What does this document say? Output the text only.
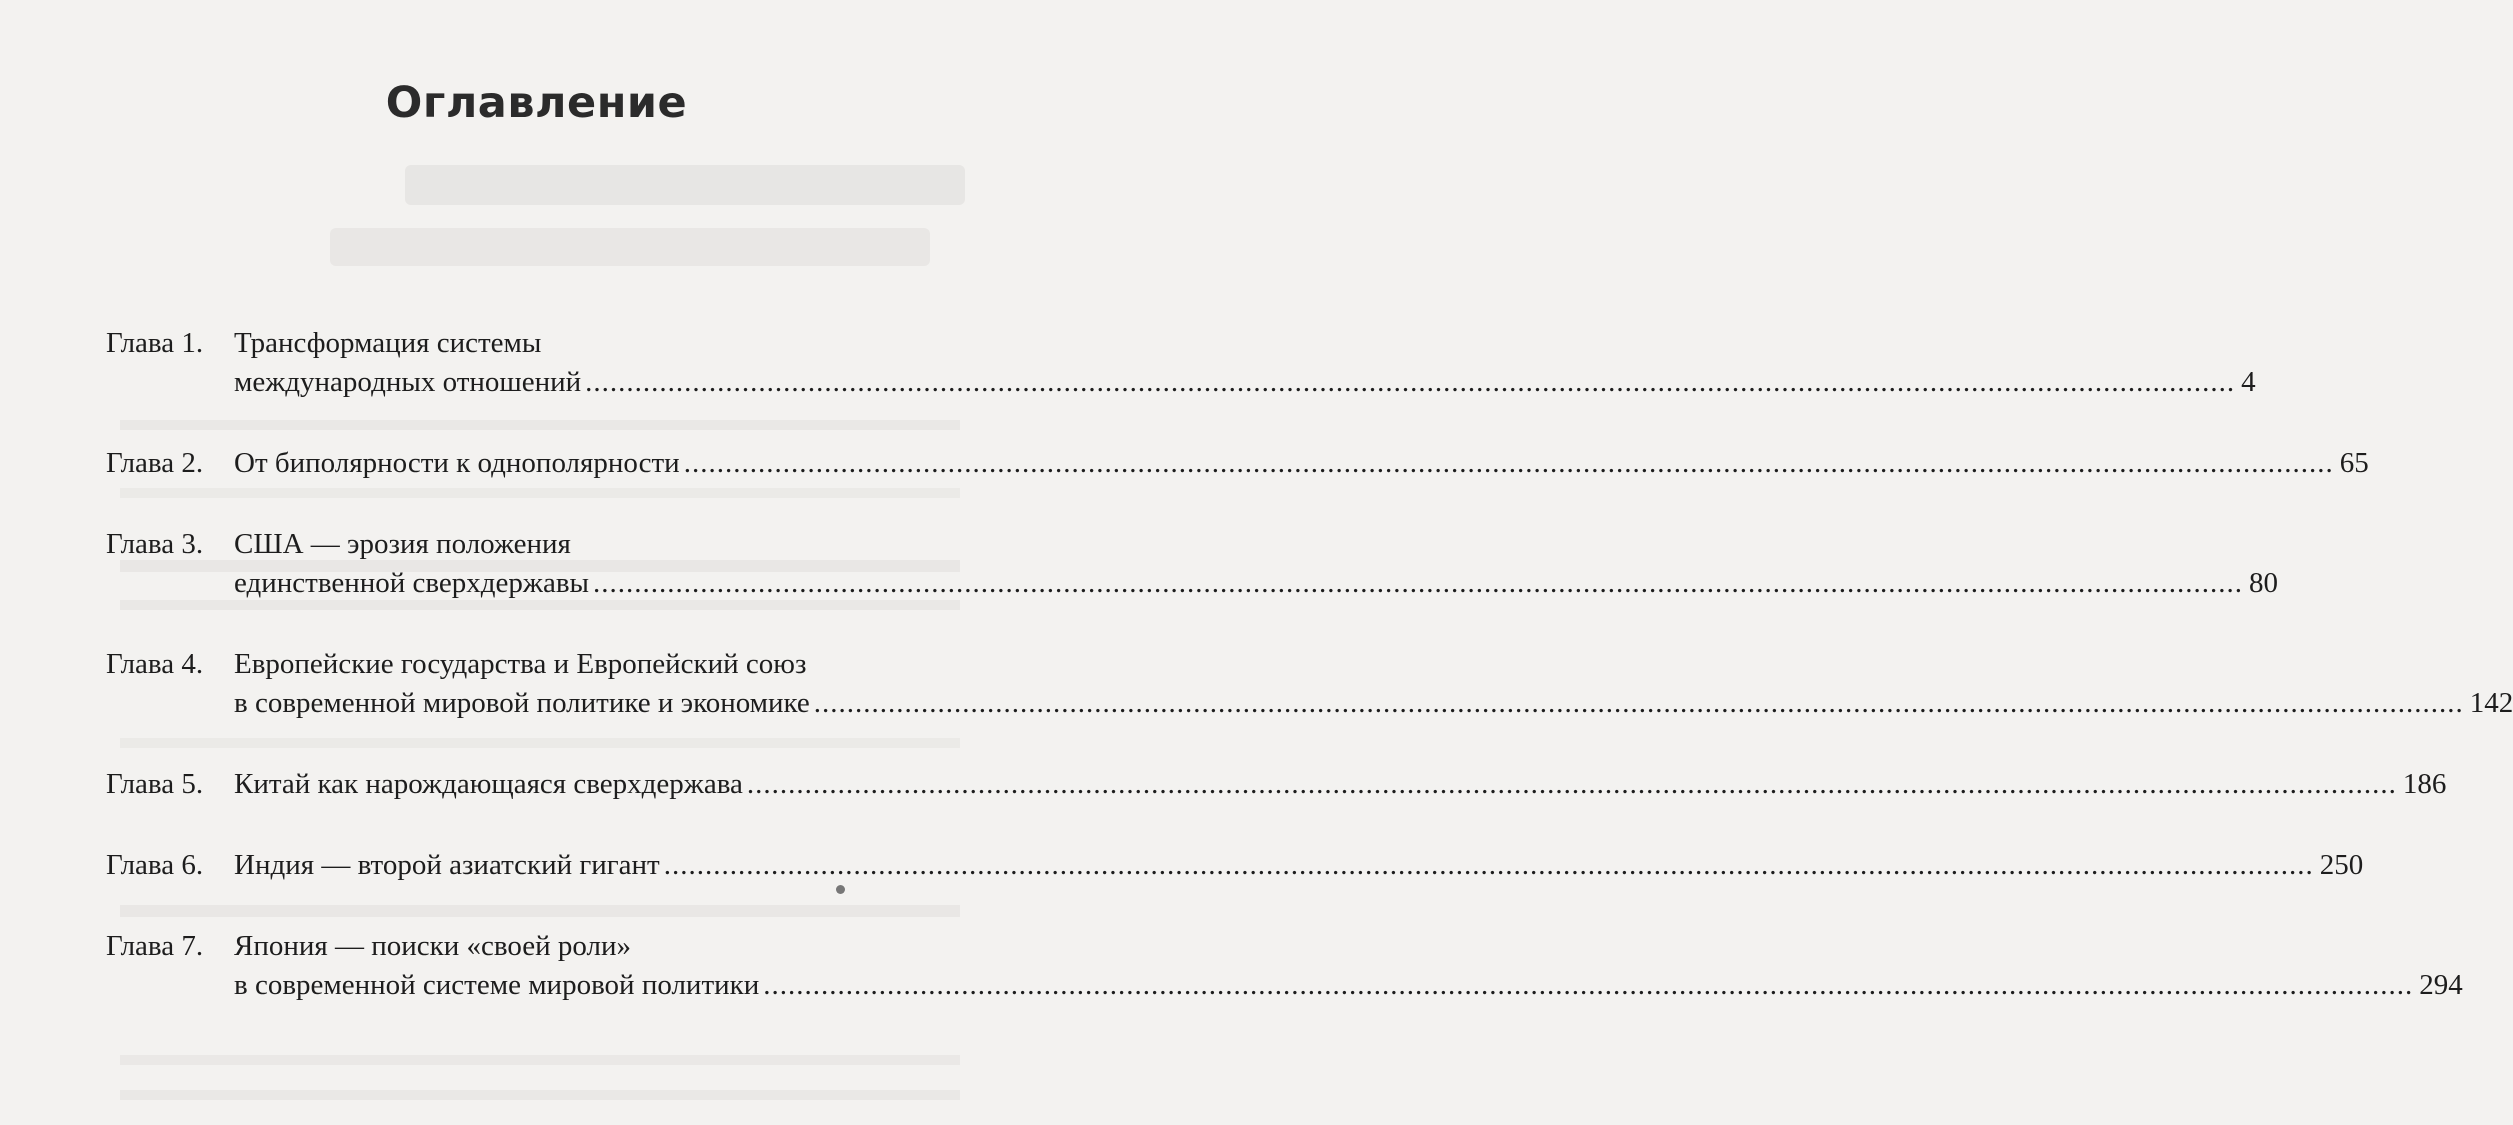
Оглавление
Глава 1. Трансформация системы
международных отношений ........................................................................................................................................................................................................ 4
Глава 2. От биполярности к однополярности ........................................................................................................................................................................................................ 65
Глава 3. США — эрозия положения
единственной сверхдержавы ........................................................................................................................................................................................................ 80
Глава 4. Европейские государства и Европейский союз
в современной мировой политике и экономике ........................................................................................................................................................................................................ 142
Глава 5. Китай как нарождающаяся сверхдержава ........................................................................................................................................................................................................ 186
Глава 6. Индия — второй азиатский гигант ........................................................................................................................................................................................................ 250
Глава 7. Япония — поиски «своей роли»
в современной системе мировой политики ........................................................................................................................................................................................................ 294
